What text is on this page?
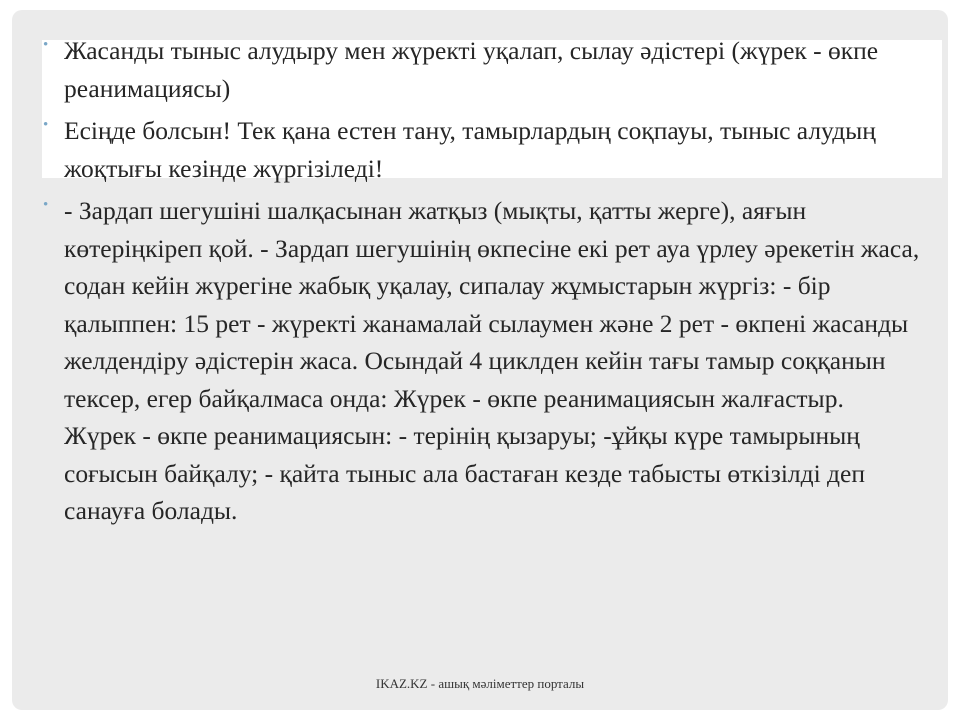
• Жасанды тыныс алудыру мен жүректі уқалап, сылау әдістері (жүрек - өкпе реанимациясы)
• Есіңде болсын! Тек қана естен тану, тамырлардың соқпауы, тыныс алудың жоқтығы кезінде жүргізіледі!
• - Зардап шегушіні шалқасынан жатқыз (мықты, қатты жерге), аяғын көтеріңкіреп қой. - Зардап шегушінің өкпесіне екі рет ауа үрлеу әрекетін жаса, содан кейін жүрегіне жабық уқалау, сипалау жұмыстарын жүргіз: - бір қалыппен: 15 рет - жүректі жанамалай сылаумен және 2 рет - өкпені жасанды желдендіру әдістерін жаса. Осындай 4 циклден кейін тағы тамыр соққанын тексер, егер байқалмаса онда: Жүрек - өкпе реанимациясын жалғастыр. Жүрек - өкпе реанимациясын: - терінің қызаруы; -ұйқы күре тамырының соғысын байқалу; - қайта тыныс ала бастаған кезде табысты өткізілді деп санауға болады.
IKAZ.KZ - ашық мәліметтер порталы
